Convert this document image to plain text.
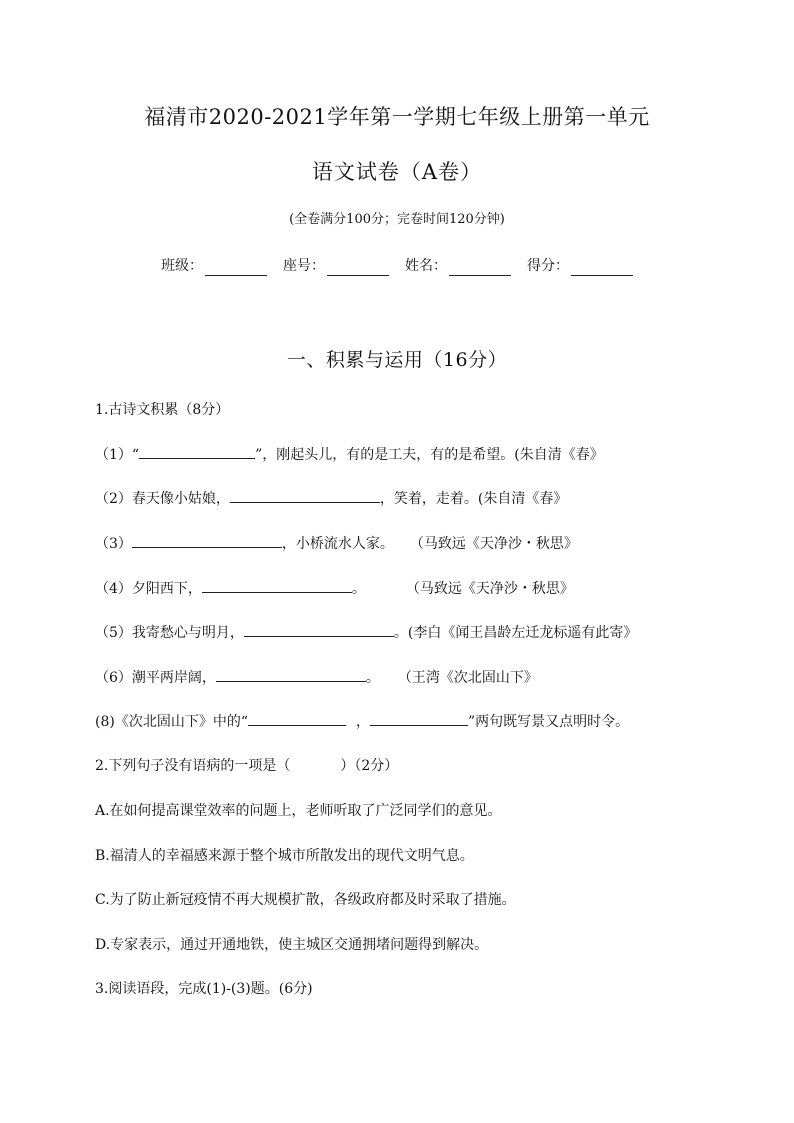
福清市2020-2021学年第一学期七年级上册第一单元
语文试卷（A卷）
(全卷满分100分；完卷时间120分钟)
班级：	座号：	姓名：	得分：
一、积累与运用（16分）
1.古诗文积累（8分）
（1）“	”，刚起头儿，有的是工夫，有的是希望。(朱自清《春》
（2）春天像小姑娘，	，笑着，走着。(朱自清《春》
（3）	，小桥流水人家。 （马致远《天净沙・秋思》
（4）夕阳西下，	。	（马致远《天净沙・秋思》
（5）我寄愁心与明月，	。(李白《闻王昌龄左迁龙标遥有此寄》
（6）潮平两岸阔，	。 （王湾《次北固山下》
(8)《次北固山下》中的“	，	”两句既写景又点明时令。
2.下列句子没有语病的一项是（	）（2分）
A.在如何提高课堂效率的问题上，老师听取了广泛同学们的意见。
B.福清人的幸福感来源于整个城市所散发出的现代文明气息。
C.为了防止新冠疫情不再大规模扩散，各级政府都及时采取了措施。
D.专家表示，通过开通地铁，使主城区交通拥堵问题得到解决。
3.阅读语段，完成(1)-(3)题。(6分)
